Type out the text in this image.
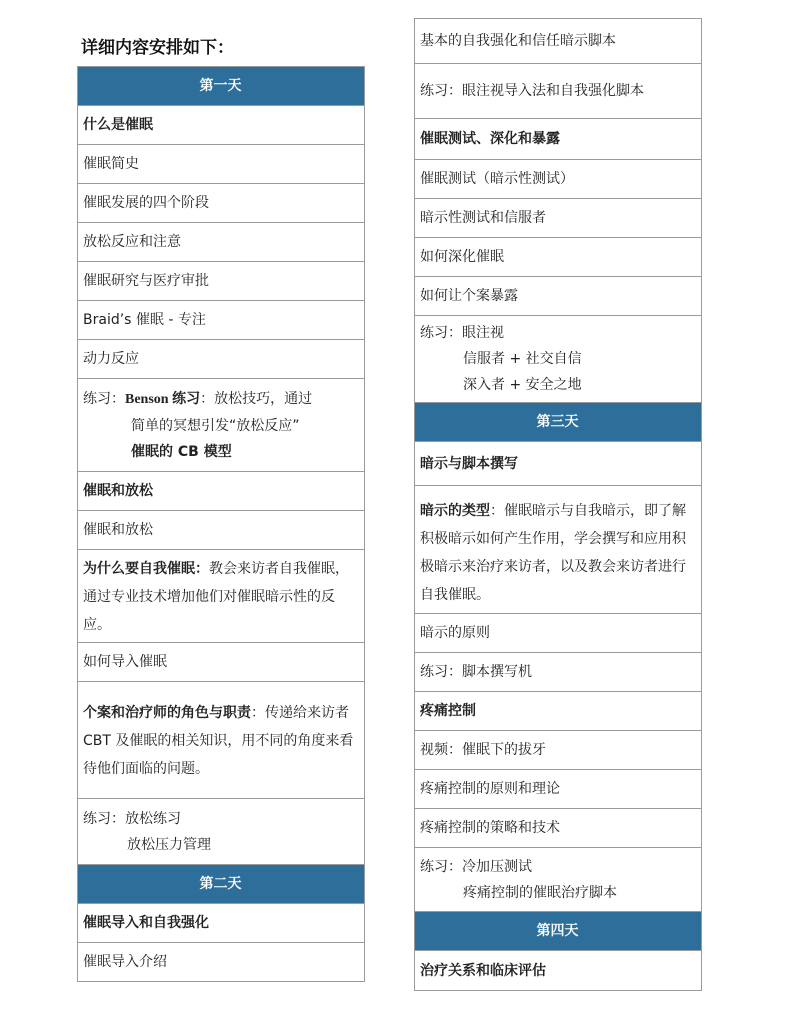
详细内容安排如下：
第一天
什么是催眠
催眠简史
催眠发展的四个阶段
放松反应和注意
催眠研究与医疗审批
Braid’s 催眠 - 专注
动力反应
练习：Benson 练习：放松技巧，通过
简单的冥想引发“放松反应”
催眠的 CB 模型
催眠和放松
催眠和放松
为什么要自我催眠：教会来访者自我催眠，通过专业技术增加他们对催眠暗示性的反应。
如何导入催眠
个案和治疗师的角色与职责：传递给来访者 CBT 及催眠的相关知识，用不同的角度来看待他们面临的问题。
练习：放松练习
放松压力管理
第二天
催眠导入和自我强化
催眠导入介绍
基本的自我强化和信任暗示脚本
练习：眼注视导入法和自我强化脚本
催眠测试、深化和暴露
催眠测试（暗示性测试）
暗示性测试和信服者
如何深化催眠
如何让个案暴露
练习：眼注视
信服者 + 社交自信
深入者 + 安全之地
第三天
暗示与脚本撰写
暗示的类型：催眠暗示与自我暗示，即了解积极暗示如何产生作用，学会撰写和应用积极暗示来治疗来访者，以及教会来访者进行自我催眠。
暗示的原则
练习：脚本撰写机
疼痛控制
视频：催眠下的拔牙
疼痛控制的原则和理论
疼痛控制的策略和技术
练习：冷加压测试
疼痛控制的催眠治疗脚本
第四天
治疗关系和临床评估
